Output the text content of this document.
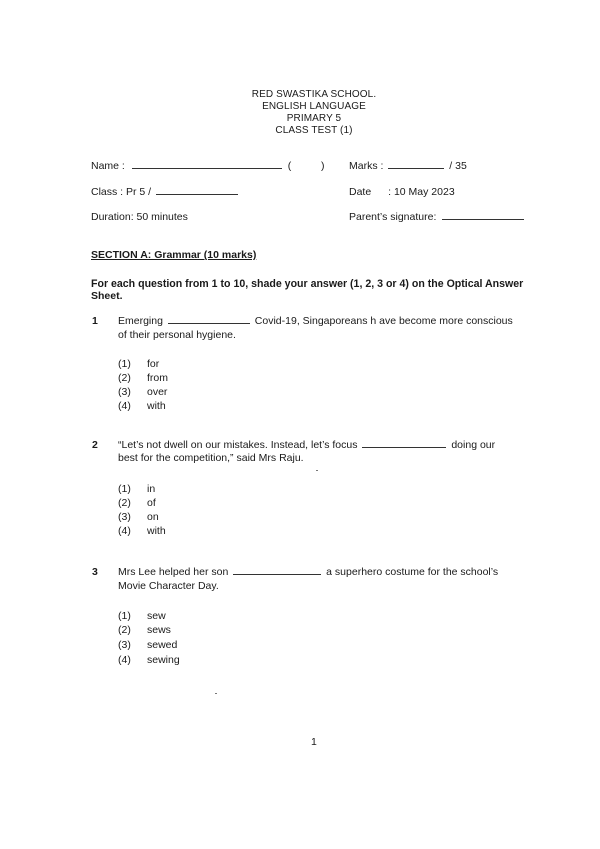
RED SWASTIKA SCHOOL.
ENGLISH LANGUAGE
PRIMARY 5
CLASS TEST (1)
Name :	(	) Marks :	/ 35
Class : Pr 5 /	Date : 10 May 2023
Duration: 50 minutes	Parent’s signature:
SECTION A: Grammar (10 marks)
For each question from 1 to 10, shade your answer (1, 2, 3 or 4) on the Optical Answer
Sheet.
1 Emerging	Covid-19, Singaporeans h ave become more conscious
of their personal hygiene.
(1) for
(2) from
(3) over
(4) with
2 “Let’s not dwell on our mistakes. Instead, let’s focus	doing our
best for the competition,” said Mrs Raju.
(1) in
(2) of
(3) on
(4) with
3 Mrs Lee helped her son	a superhero costume for the school’s
Movie Character Day.
(1) sew
(2) sews
(3) sewed
(4) sewing
1
